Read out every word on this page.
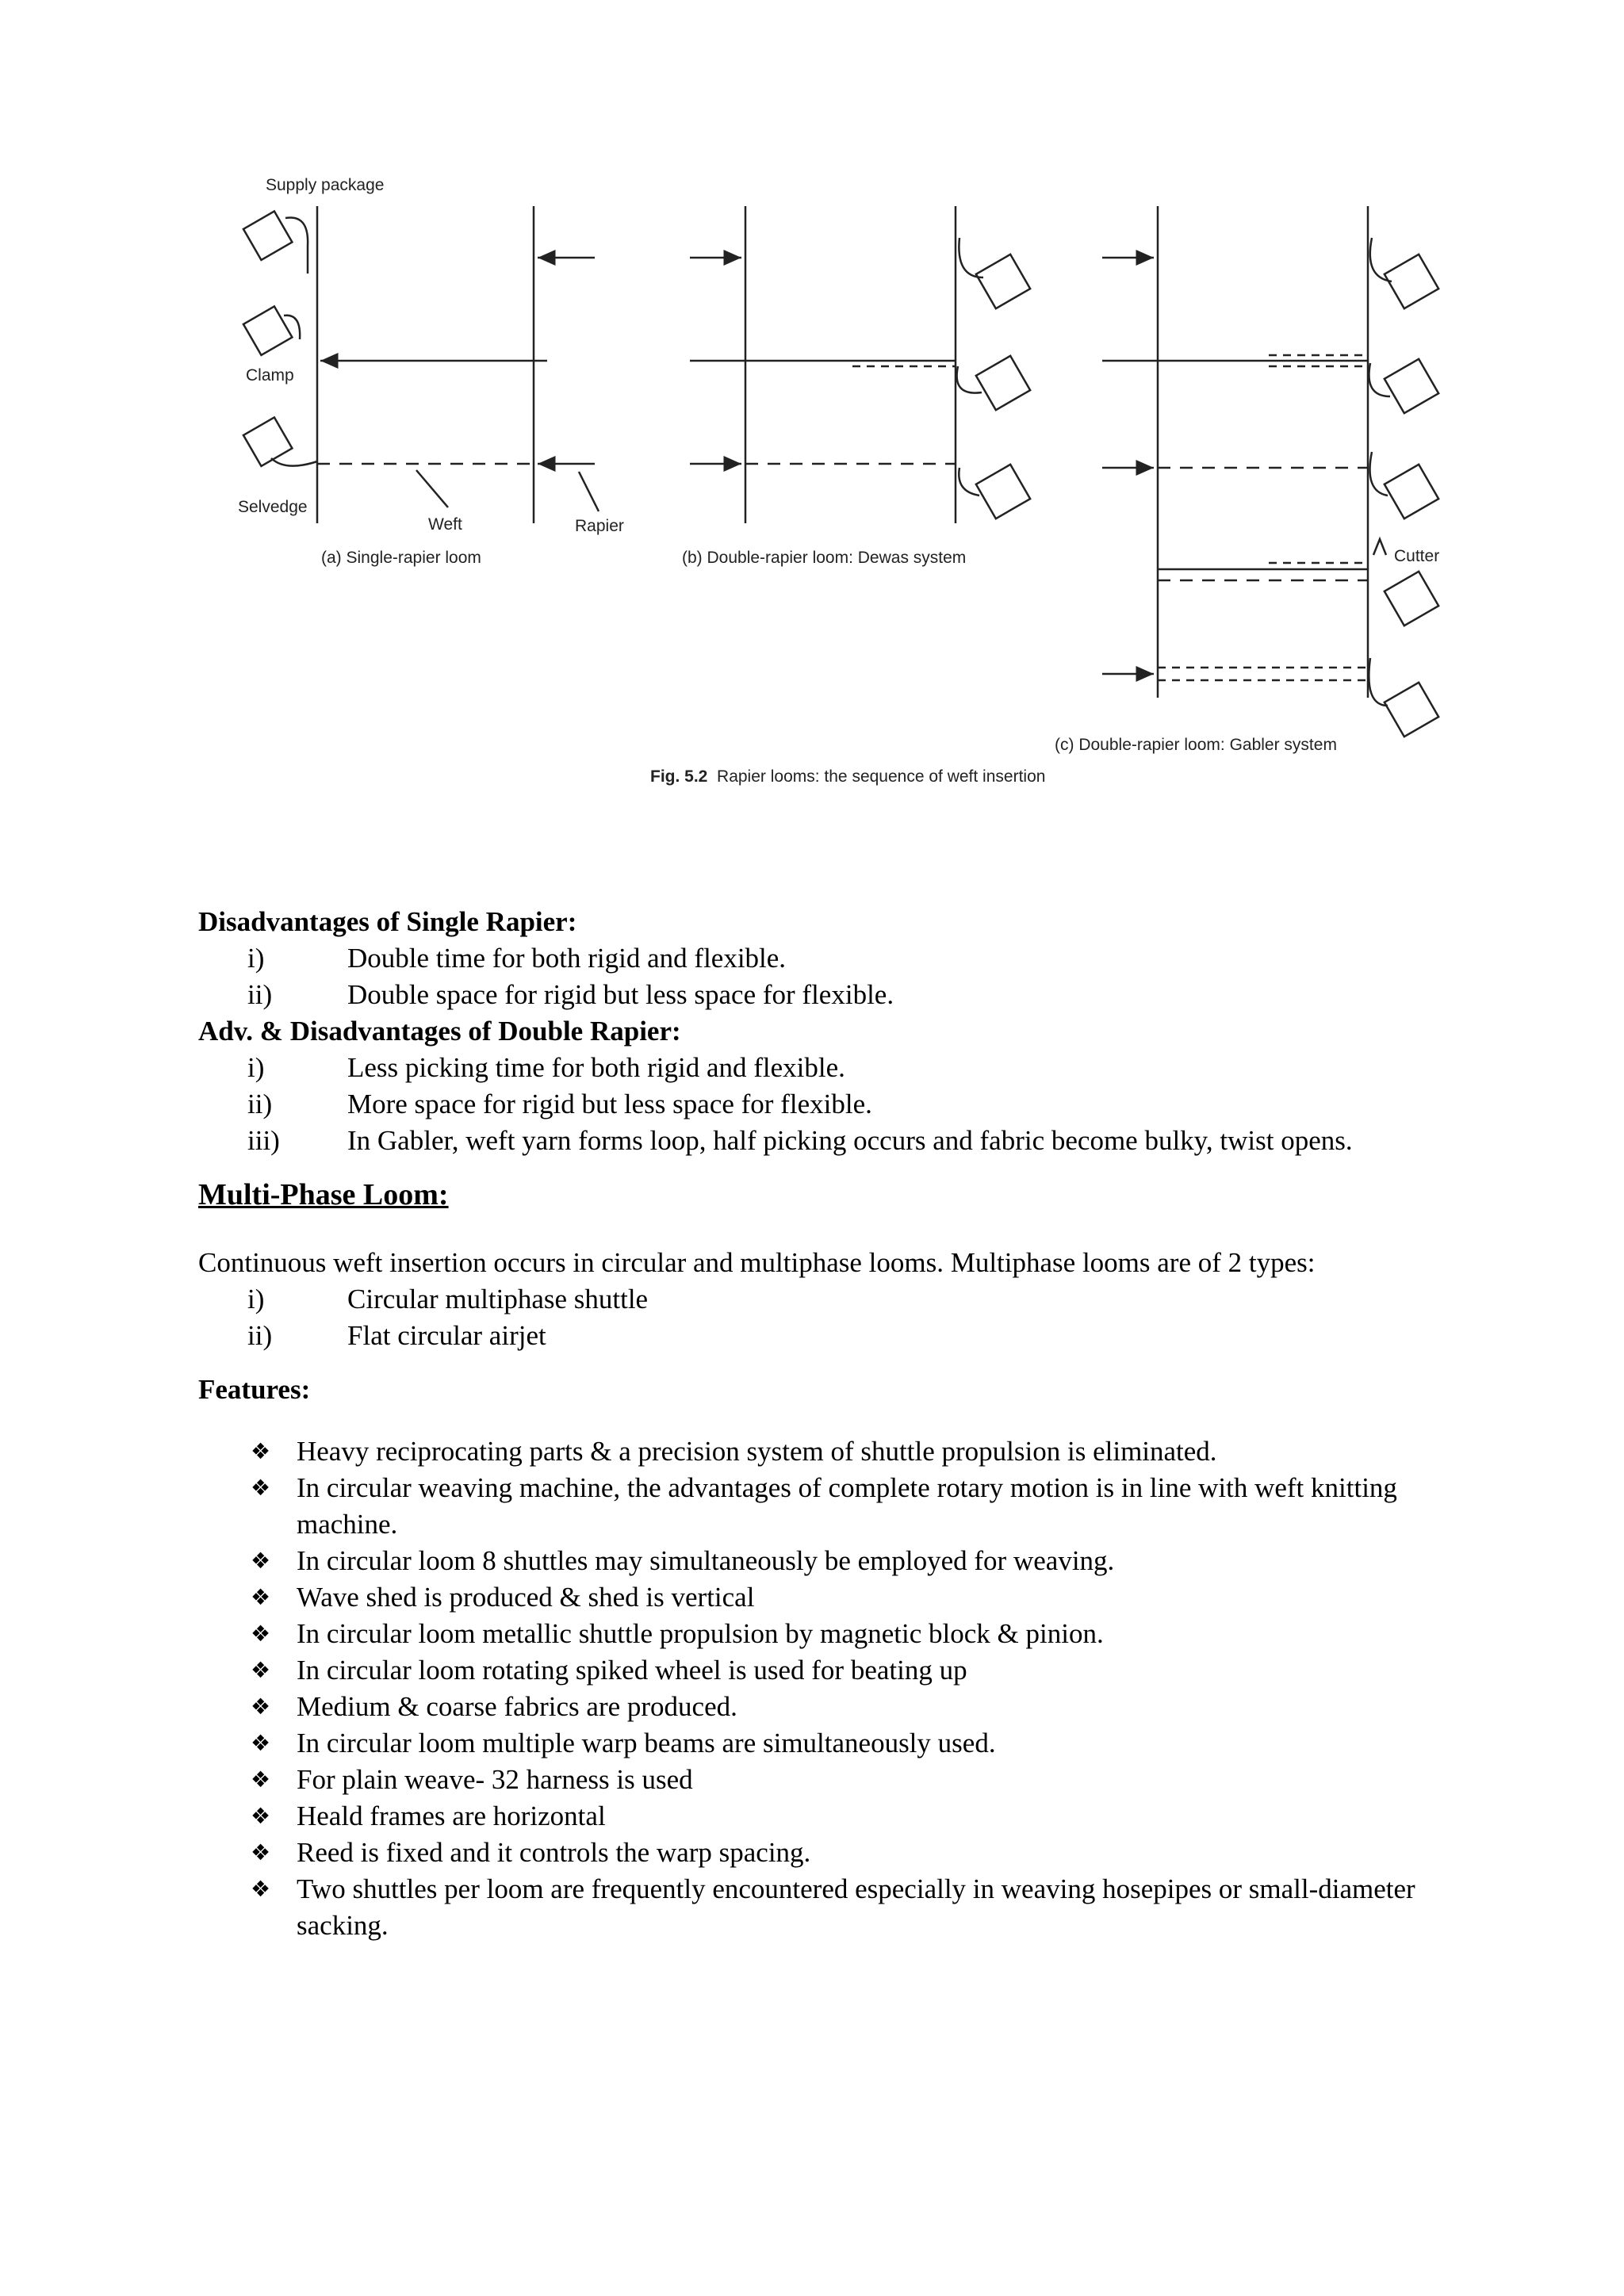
Supply package
Clamp
Selvedge
Weft	Rapier
Cutter
(a) Single-rapier loom	(b) Double-rapier loom: Dewas system
(c) Double-rapier loom: Gabler system
Fig. 5.2 Rapier looms: the sequence of weft insertion

Disadvantages of Single Rapier:

i)	Double time for both rigid and flexible.

ii)	Double space for rigid but less space for flexible.

Adv. & Disadvantages of Double Rapier:

i)	Less picking time for both rigid and flexible.

ii)	More space for rigid but less space for flexible.

iii) In Gabler, weft yarn forms loop, half picking occurs and fabric become bulky, twist opens.

Multi-Phase Loom:

Continuous weft insertion occurs in circular and multiphase looms. Multiphase looms are of 2 types:

i)	Circular multiphase shuttle

ii)	Flat circular airjet

Features:

❖ Heavy reciprocating parts & a precision system of shuttle propulsion is eliminated.

❖ In circular weaving machine, the advantages of complete rotary motion is in line with weft knitting machine.

❖ In circular loom 8 shuttles may simultaneously be employed for weaving.

❖ Wave shed is produced & shed is vertical

❖ In circular loom metallic shuttle propulsion by magnetic block & pinion.

❖ In circular loom rotating spiked wheel is used for beating up

❖ Medium & coarse fabrics are produced.

❖ In circular loom multiple warp beams are simultaneously used.

❖ For plain weave- 32 harness is used

❖ Heald frames are horizontal

❖ Reed is fixed and it controls the warp spacing.

❖ Two shuttles per loom are frequently encountered especially in weaving hosepipes or small-diameter sacking.
